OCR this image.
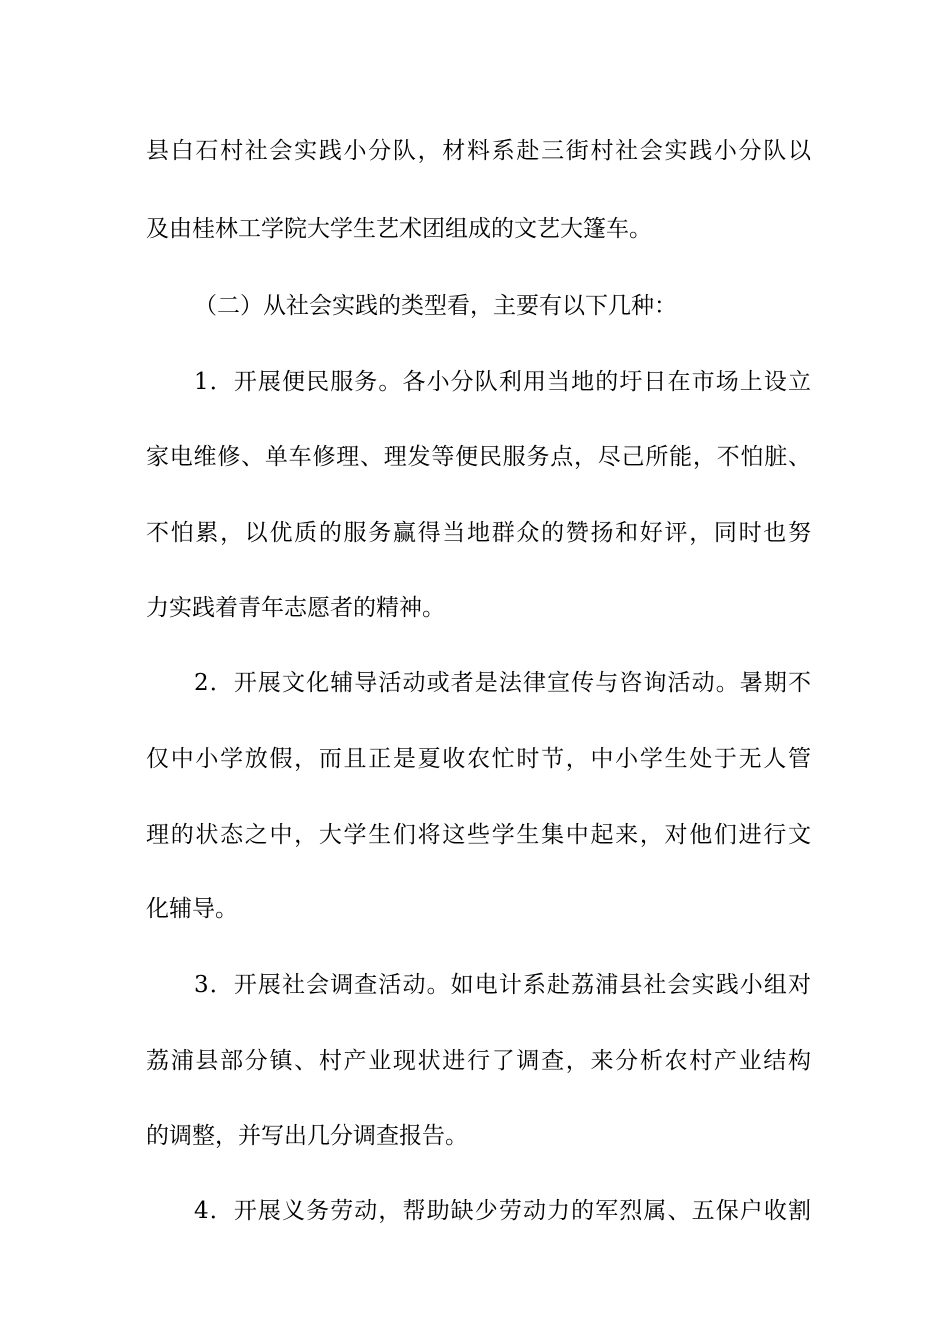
县白石村社会实践小分队，材料系赴三街村社会实践小分队以
及由桂林工学院大学生艺术团组成的文艺大篷车。
（二）从社会实践的类型看，主要有以下几种：
1．开展便民服务。各小分队利用当地的圩日在市场上设立
家电维修、单车修理、理发等便民服务点，尽己所能，不怕脏、
不怕累，以优质的服务赢得当地群众的赞扬和好评，同时也努
力实践着青年志愿者的精神。
2．开展文化辅导活动或者是法律宣传与咨询活动。暑期不
仅中小学放假，而且正是夏收农忙时节，中小学生处于无人管
理的状态之中，大学生们将这些学生集中起来，对他们进行文
化辅导。
3．开展社会调查活动。如电计系赴荔浦县社会实践小组对
荔浦县部分镇、村产业现状进行了调查，来分析农村产业结构
的调整，并写出几分调查报告。
4．开展义务劳动，帮助缺少劳动力的军烈属、五保户收割
